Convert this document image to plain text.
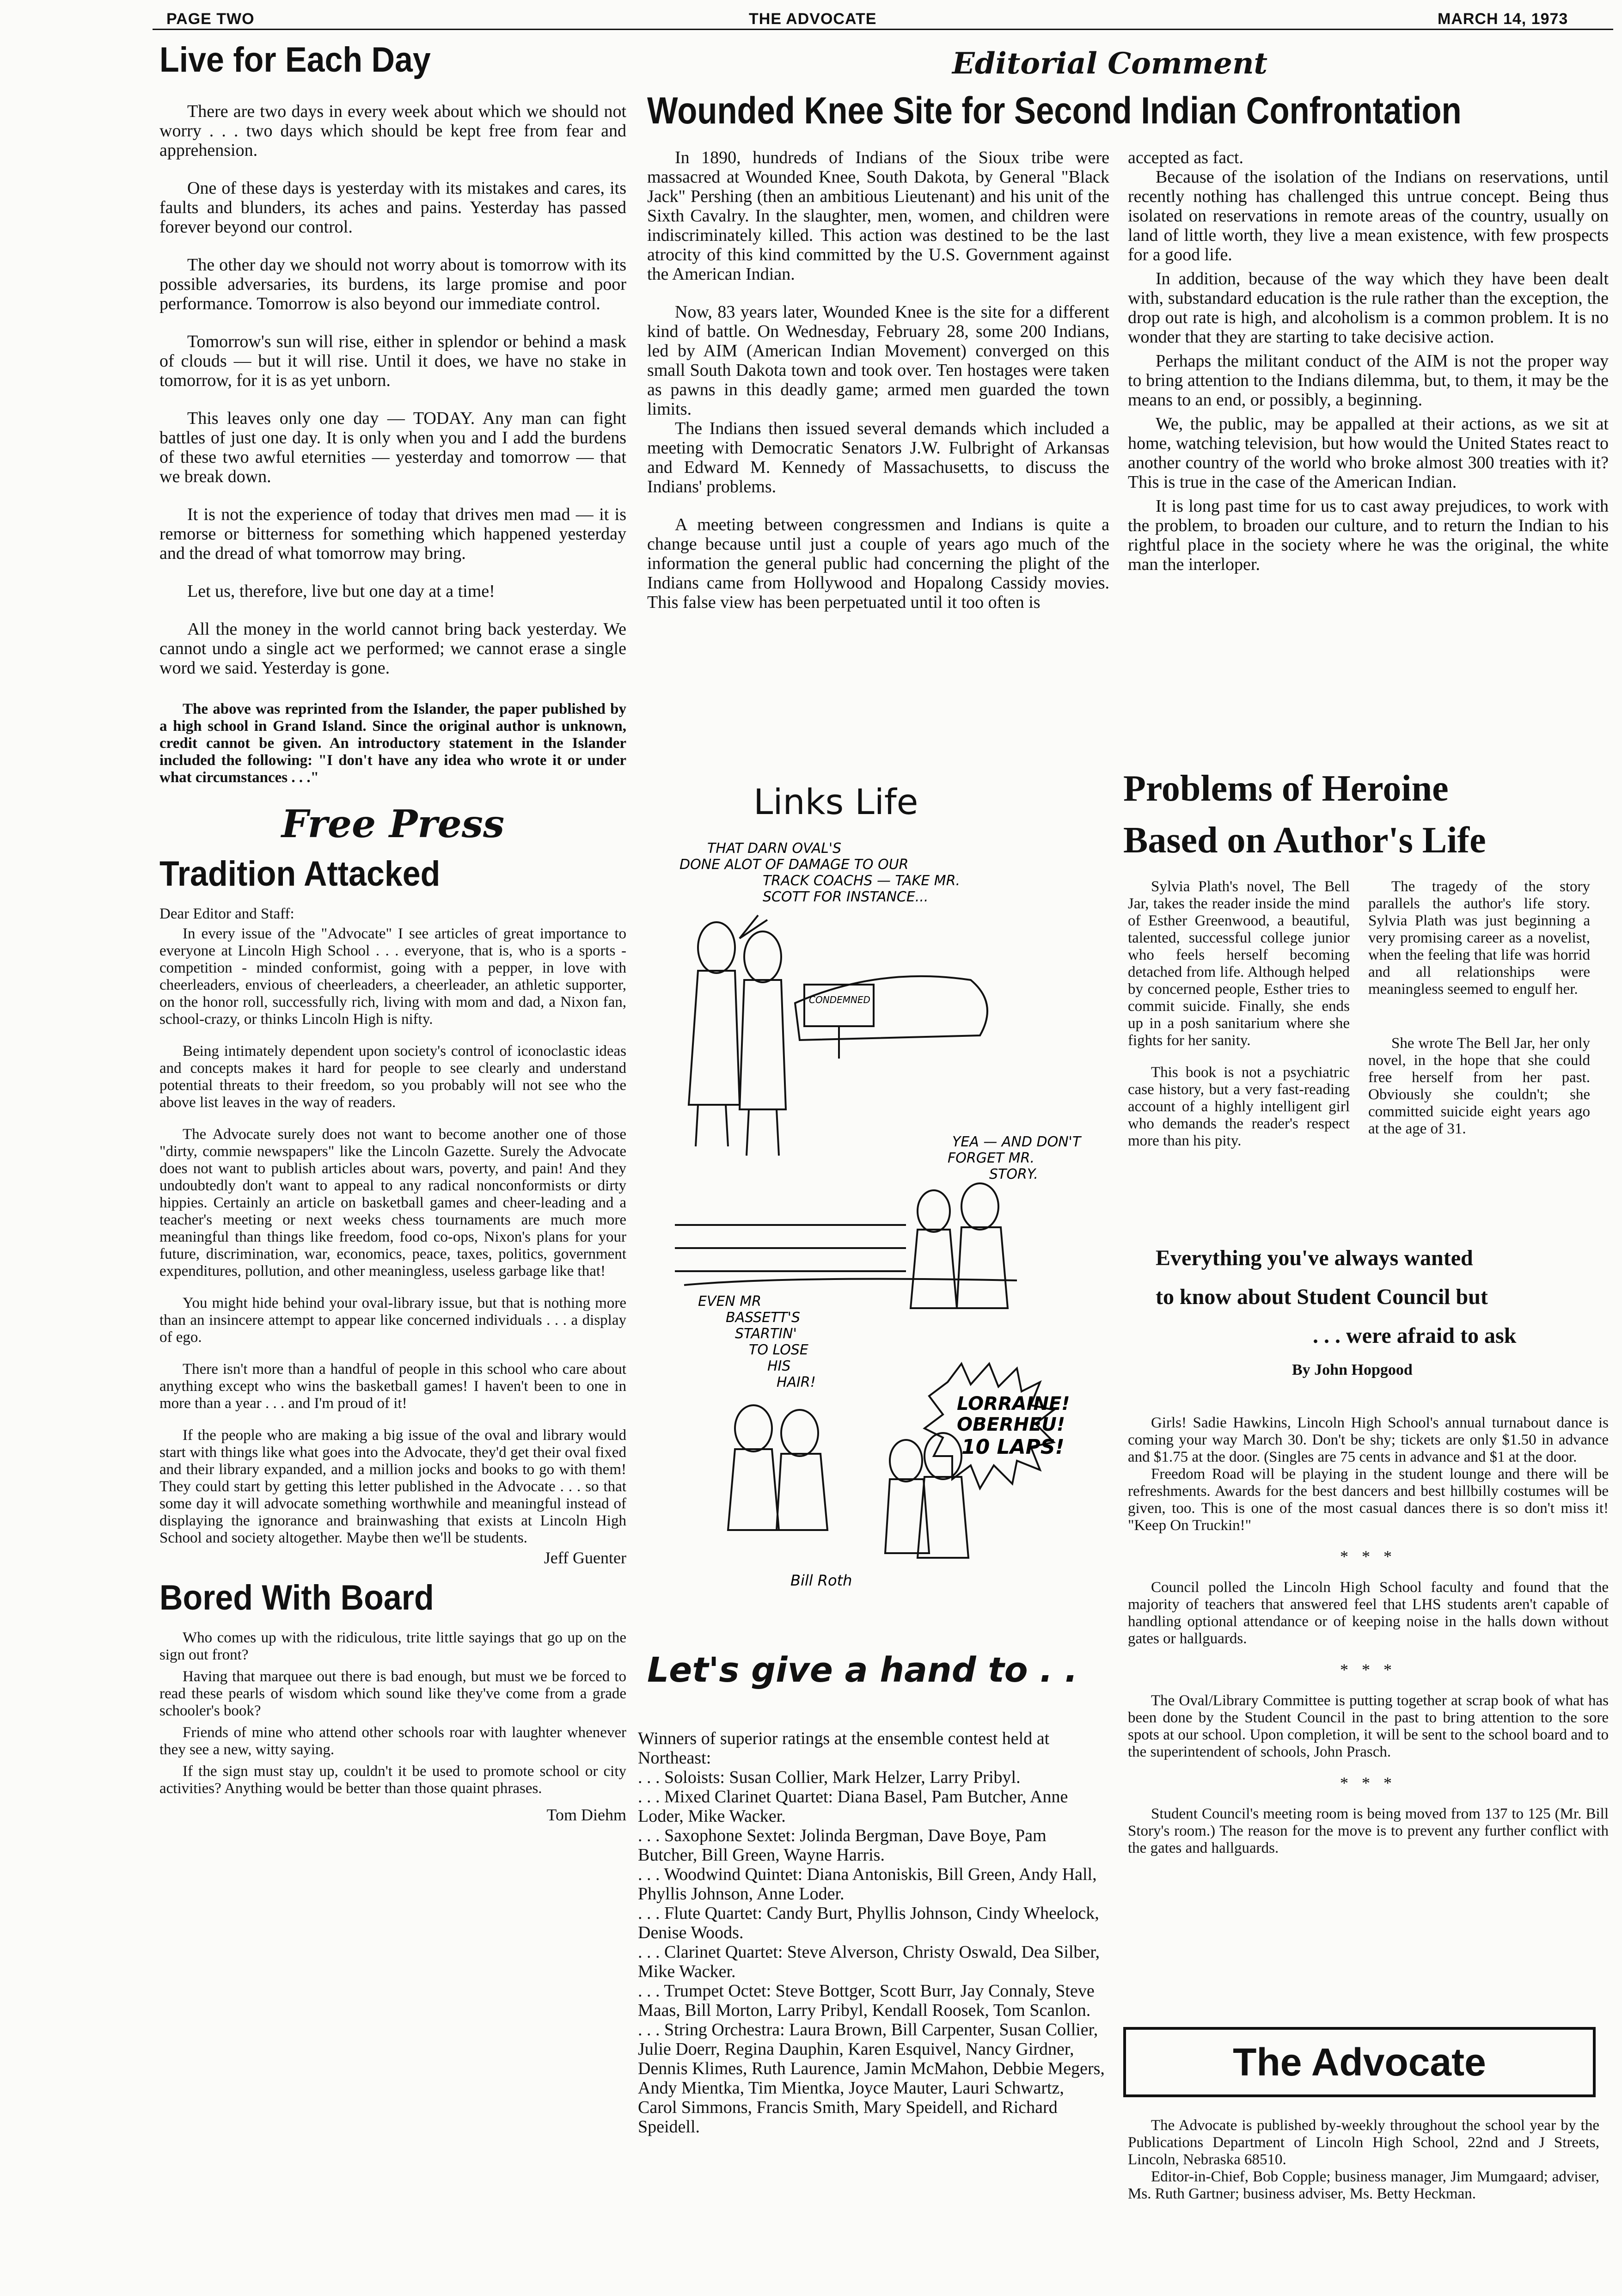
PAGE TWO	THE ADVOCATE	MARCH 14, 1973
Live for Each Day

There are two days in every week about which we should not worry . . . two days which should be kept free from fear and apprehension.

One of these days is yesterday with its mistakes and cares, its faults and blunders, its aches and pains. Yesterday has passed forever beyond our control.

The other day we should not worry about is tomorrow with its possible adversaries, its burdens, its large promise and poor performance. Tomorrow is also beyond our immediate control.

Tomorrow's sun will rise, either in splendor or behind a mask of clouds — but it will rise. Until it does, we have no stake in tomorrow, for it is as yet unborn.

This leaves only one day — TODAY. Any man can fight battles of just one day. It is only when you and I add the burdens of these two awful eternities — yesterday and tomorrow — that we break down.

It is not the experience of today that drives men mad — it is remorse or bitterness for something which happened yesterday and the dread of what tomorrow may bring.

Let us, therefore, live but one day at a time!

All the money in the world cannot bring back yesterday. We cannot undo a single act we performed; we cannot erase a single word we said. Yesterday is gone.

The above was reprinted from the Islander, the paper published by a high school in Grand Island. Since the original author is unknown, credit cannot be given. An introductory statement in the Islander included the following: "I don't have any idea who wrote it or under what circumstances . . ."

Free Press
Tradition Attacked

Dear Editor and Staff:

In every issue of the "Advocate" I see articles of great importance to everyone at Lincoln High School . . . everyone, that is, who is a sports - competition - minded conformist, going with a pepper, in love with cheerleaders, envious of cheerleaders, a cheerleader, an athletic supporter, on the honor roll, successfully rich, living with mom and dad, a Nixon fan, school-crazy, or thinks Lincoln High is nifty.

Being intimately dependent upon society's control of iconoclastic ideas and concepts makes it hard for people to see clearly and understand potential threats to their freedom, so you probably will not see who the above list leaves in the way of readers.

The Advocate surely does not want to become another one of those "dirty, commie newspapers" like the Lincoln Gazette. Surely the Advocate does not want to publish articles about wars, poverty, and pain! And they undoubtedly don't want to appeal to any radical nonconformists or dirty hippies. Certainly an article on basketball games and cheer-leading and a teacher's meeting or next weeks chess tournaments are much more meaningful than things like freedom, food co-ops, Nixon's plans for your future, discrimination, war, economics, peace, taxes, politics, government expenditures, pollution, and other meaningless, useless garbage like that!

You might hide behind your oval-library issue, but that is nothing more than an insincere attempt to appear like concerned individuals . . . a display of ego.

There isn't more than a handful of people in this school who care about anything except who wins the basketball games! I haven't been to one in more than a year . . . and I'm proud of it!

If the people who are making a big issue of the oval and library would start with things like what goes into the Advocate, they'd get their oval fixed and their library expanded, and a million jocks and books to go with them! They could start by getting this letter published in the Advocate . . . so that some day it will advocate something worthwhile and meaningful instead of displaying the ignorance and brainwashing that exists at Lincoln High School and society altogether. Maybe then we'll be students.

Jeff Guenter
Bored With Board

Who comes up with the ridiculous, trite little sayings that go up on the sign out front?

Having that marquee out there is bad enough, but must we be forced to read these pearls of wisdom which sound like they've come from a grade schooler's book?

Friends of mine who attend other schools roar with laughter whenever they see a new, witty saying.

If the sign must stay up, couldn't it be used to promote school or city activities? Anything would be better than those quaint phrases.

Tom Diehm
Editorial Comment
Wounded Knee Site for Second Indian Confrontation

In 1890, hundreds of Indians of the Sioux tribe were massacred at Wounded Knee, South Dakota, by General "Black Jack" Pershing (then an ambitious Lieutenant) and his unit of the Sixth Cavalry. In the slaughter, men, women, and children were indiscriminately killed. This action was destined to be the last atrocity of this kind committed by the U.S. Government against the American Indian.

Now, 83 years later, Wounded Knee is the site for a different kind of battle. On Wednesday, February 28, some 200 Indians, led by AIM (American Indian Movement) converged on this small South Dakota town and took over. Ten hostages were taken as pawns in this deadly game; armed men guarded the town limits.

The Indians then issued several demands which included a meeting with Democratic Senators J.W. Fulbright of Arkansas and Edward M. Kennedy of Massachusetts, to discuss the Indians' problems.

A meeting between congressmen and Indians is quite a change because until just a couple of years ago much of the information the general public had concerning the plight of the Indians came from Hollywood and Hopalong Cassidy movies. This false view has been perpetuated until it too often is

accepted as fact.

Because of the isolation of the Indians on reservations, until recently nothing has challenged this untrue concept. Being thus isolated on reservations in remote areas of the country, usually on land of little worth, they live a mean existence, with few prospects for a good life.

In addition, because of the way which they have been dealt with, substandard education is the rule rather than the exception, the drop out rate is high, and alcoholism is a common problem. It is no wonder that they are starting to take decisive action.

Perhaps the militant conduct of the AIM is not the proper way to bring attention to the Indians dilemma, but, to them, it may be the means to an end, or possibly, a beginning.

We, the public, may be appalled at their actions, as we sit at home, watching television, but how would the United States react to another country of the world who broke almost 300 treaties with it? This is true in the case of the American Indian.

It is long past time for us to cast away prejudices, to work with the problem, to broaden our culture, and to return the Indian to his rightful place in the society where he was the original, the white man the interloper.

Links Life
THAT DARN OVAL'S
DONE ALOT OF DAMAGE TO OUR
TRACK COACHS — TAKE MR.
SCOTT FOR INSTANCE...
CONDEMNED
YEA — AND DON'T
FORGET MR.
STORY.
EVEN MR
BASSETT'S
STARTIN'
TO LOSE
HIS
HAIR!
LORRAINE!
OBERHEU!
10 LAPS!
Bill Roth
Let's give a hand to . .

Winners of superior ratings at the ensemble contest held at Northeast:

. . . Soloists: Susan Collier, Mark Helzer, Larry Pribyl.

. . . Mixed Clarinet Quartet: Diana Basel, Pam Butcher, Anne Loder, Mike Wacker.

. . . Saxophone Sextet: Jolinda Bergman, Dave Boye, Pam Butcher, Bill Green, Wayne Harris.

. . . Woodwind Quintet: Diana Antoniskis, Bill Green, Andy Hall, Phyllis Johnson, Anne Loder.

. . . Flute Quartet: Candy Burt, Phyllis Johnson, Cindy Wheelock, Denise Woods.

. . . Clarinet Quartet: Steve Alverson, Christy Oswald, Dea Silber, Mike Wacker.

. . . Trumpet Octet: Steve Bottger, Scott Burr, Jay Connaly, Steve Maas, Bill Morton, Larry Pribyl, Kendall Roosek, Tom Scanlon.

. . . String Orchestra: Laura Brown, Bill Carpenter, Susan Collier, Julie Doerr, Regina Dauphin, Karen Esquivel, Nancy Girdner, Dennis Klimes, Ruth Laurence, Jamin McMahon, Debbie Megers, Andy Mientka, Tim Mientka, Joyce Mauter, Lauri Schwartz, Carol Simmons, Francis Smith, Mary Speidell, and Richard Speidell.

Problems of Heroine
Based on Author's Life

Sylvia Plath's novel, The Bell Jar, takes the reader inside the mind of Esther Greenwood, a beautiful, talented, successful college junior who feels herself becoming detached from life. Although helped by concerned people, Esther tries to commit suicide. Finally, she ends up in a posh sanitarium where she fights for her sanity.

This book is not a psychiatric case history, but a very fast-reading account of a highly intelligent girl who demands the reader's respect more than his pity.

The tragedy of the story parallels the author's life story. Sylvia Plath was just beginning a very promising career as a novelist, when the feeling that life was horrid and all relationships were meaningless seemed to engulf her.

She wrote The Bell Jar, her only novel, in the hope that she could free herself from her past. Obviously she couldn't; she committed suicide eight years ago at the age of 31.

Everything you've always wanted
to know about Student Council but
. . . were afraid to ask
By John Hopgood

Girls! Sadie Hawkins, Lincoln High School's annual turnabout dance is coming your way March 30. Don't be shy; tickets are only $1.50 in advance and $1.75 at the door. (Singles are 75 cents in advance and $1 at the door.

Freedom Road will be playing in the student lounge and there will be refreshments. Awards for the best dancers and best hillbilly costumes will be given, too. This is one of the most casual dances there is so don't miss it! "Keep On Truckin!"

* * *

Council polled the Lincoln High School faculty and found that the majority of teachers that answered feel that LHS students aren't capable of handling optional attendance or of keeping noise in the halls down without gates or hallguards.

* * *

The Oval/Library Committee is putting together at scrap book of what has been done by the Student Council in the past to bring attention to the sore spots at our school. Upon completion, it will be sent to the school board and to the superintendent of schools, John Prasch.

* * *

Student Council's meeting room is being moved from 137 to 125 (Mr. Bill Story's room.) The reason for the move is to prevent any further conflict with the gates and hallguards.

The Advocate

The Advocate is published by-weekly throughout the school year by the Publications Department of Lincoln High School, 22nd and J Streets, Lincoln, Nebraska 68510.

Editor-in-Chief, Bob Copple; business manager, Jim Mumgaard; adviser, Ms. Ruth Gartner; business adviser, Ms. Betty Heckman.
